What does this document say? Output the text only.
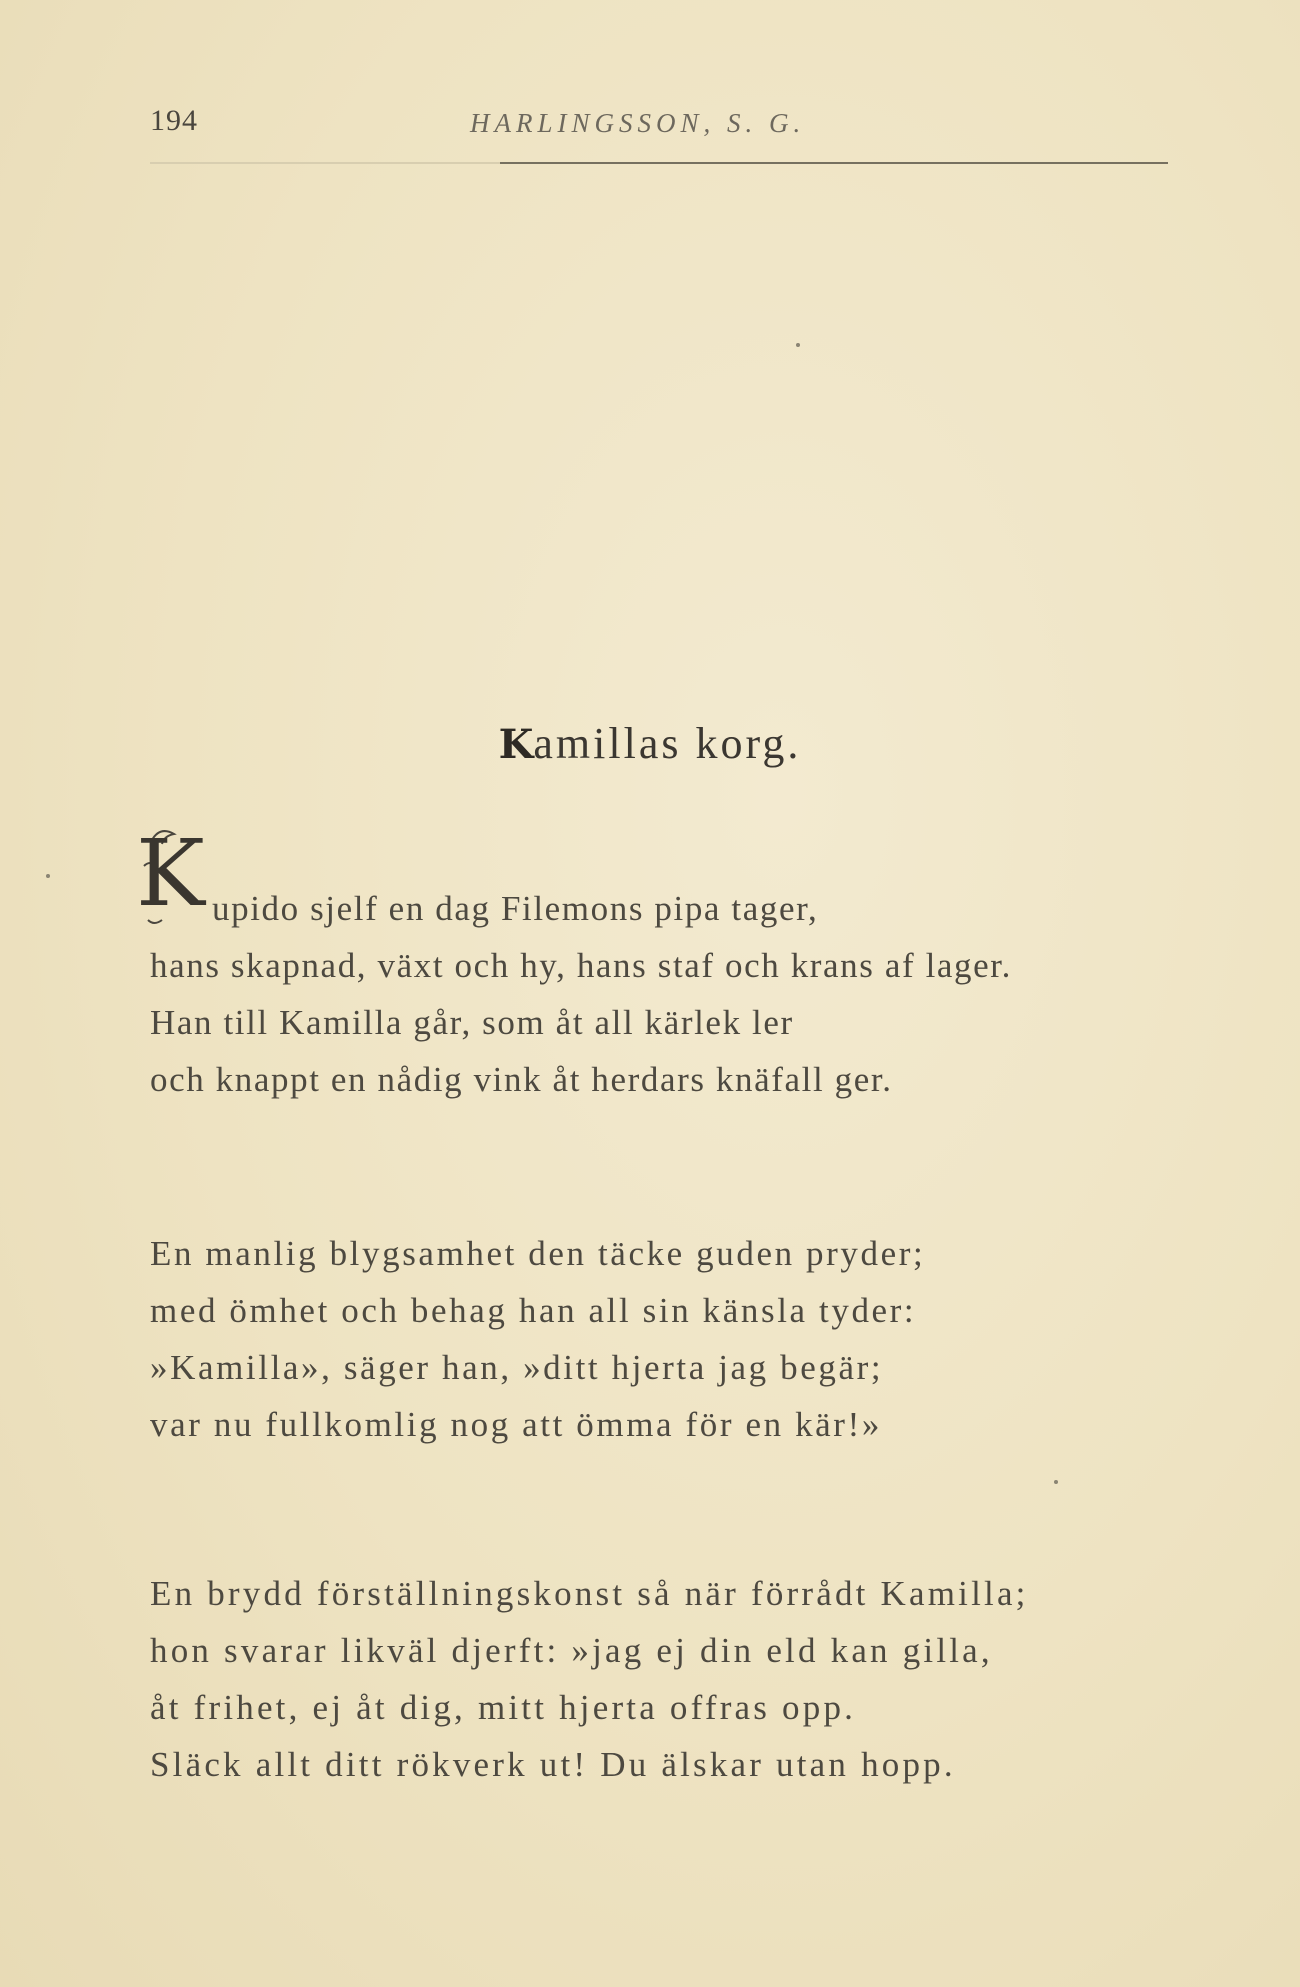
194	HARLINGSSON, S. G.
Kamillas korg.
K upido sjelf en dag Filemons pipa tager,
hans skapnad, växt och hy, hans staf och krans af lager.
Han till Kamilla går, som åt all kärlek ler
och knappt en nådig vink åt herdars knäfall ger.
En manlig blygsamhet den täcke guden pryder;
med ömhet och behag han all sin känsla tyder:
»Kamilla», säger han, »ditt hjerta jag begär;
var nu fullkomlig nog att ömma för en kär!»
En brydd förställningskonst så när förrådt Kamilla;
hon svarar likväl djerft: »jag ej din eld kan gilla,
åt frihet, ej åt dig, mitt hjerta offras opp.
Släck allt ditt rökverk ut! Du älskar utan hopp.
